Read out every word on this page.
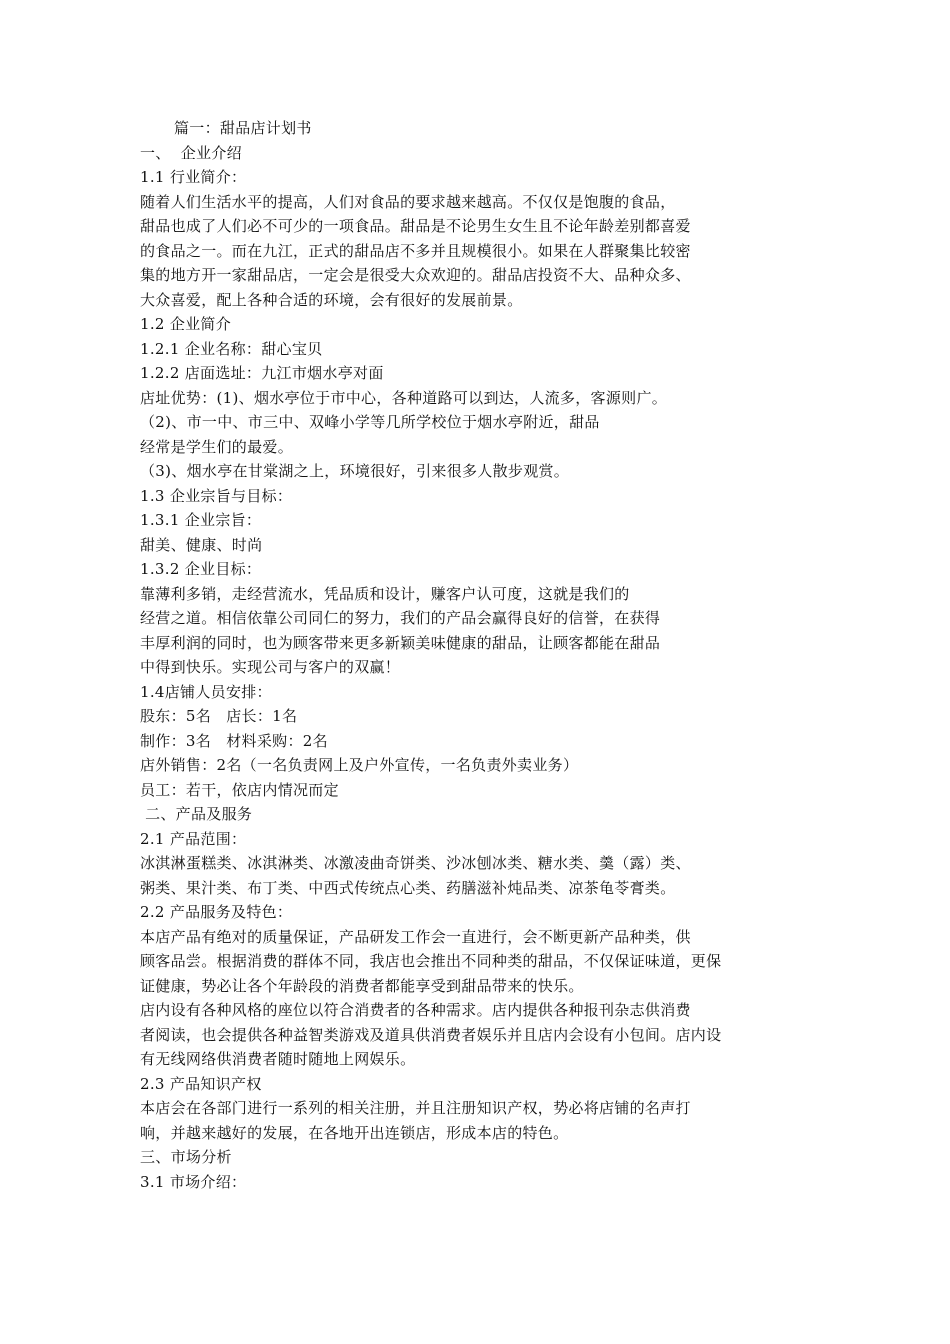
篇一：甜品店计划书
一、  企业介绍
1.1 行业简介：
随着人们生活水平的提高，人们对食品的要求越来越高。不仅仅是饱腹的食品，
甜品也成了人们必不可少的一项食品。甜品是不论男生女生且不论年龄差别都喜爱
的食品之一。而在九江，正式的甜品店不多并且规模很小。如果在人群聚集比较密
集的地方开一家甜品店，一定会是很受大众欢迎的。甜品店投资不大、品种众多、
大众喜爱，配上各种合适的环境，会有很好的发展前景。
1.2 企业简介
1.2.1 企业名称：甜心宝贝
1.2.2 店面选址：九江市烟水亭对面
店址优势：(1)、烟水亭位于市中心，各种道路可以到达，人流多，客源则广。
（2)、市一中、市三中、双峰小学等几所学校位于烟水亭附近，甜品
经常是学生们的最爱。
（3)、烟水亭在甘棠湖之上，环境很好，引来很多人散步观赏。
1.3 企业宗旨与目标：
1.3.1 企业宗旨：
甜美、健康、时尚
1.3.2 企业目标：
靠薄利多销，走经营流水，凭品质和设计，赚客户认可度，这就是我们的
经营之道。相信依靠公司同仁的努力，我们的产品会赢得良好的信誉，在获得
丰厚利润的同时，也为顾客带来更多新颖美味健康的甜品，让顾客都能在甜品
中得到快乐。实现公司与客户的双赢！
1.4店铺人员安排：
股东：5名   店长：1名
制作：3名   材料采购：2名
店外销售：2名（一名负责网上及户外宣传，一名负责外卖业务）
员工：若干，依店内情况而定
二、产品及服务
2.1 产品范围：
冰淇淋蛋糕类、冰淇淋类、冰激凌曲奇饼类、沙冰刨冰类、糖水类、羹（露）类、
粥类、果汁类、布丁类、中西式传统点心类、药膳滋补炖品类、凉茶龟苓膏类。
2.2 产品服务及特色：
本店产品有绝对的质量保证，产品研发工作会一直进行，会不断更新产品种类，供
顾客品尝。根据消费的群体不同，我店也会推出不同种类的甜品，不仅保证味道，更保
证健康，势必让各个年龄段的消费者都能享受到甜品带来的快乐。
店内设有各种风格的座位以符合消费者的各种需求。店内提供各种报刊杂志供消费
者阅读，也会提供各种益智类游戏及道具供消费者娱乐并且店内会设有小包间。店内设
有无线网络供消费者随时随地上网娱乐。
2.3 产品知识产权
本店会在各部门进行一系列的相关注册，并且注册知识产权，势必将店铺的名声打
响，并越来越好的发展，在各地开出连锁店，形成本店的特色。
三、市场分析
3.1 市场介绍：
